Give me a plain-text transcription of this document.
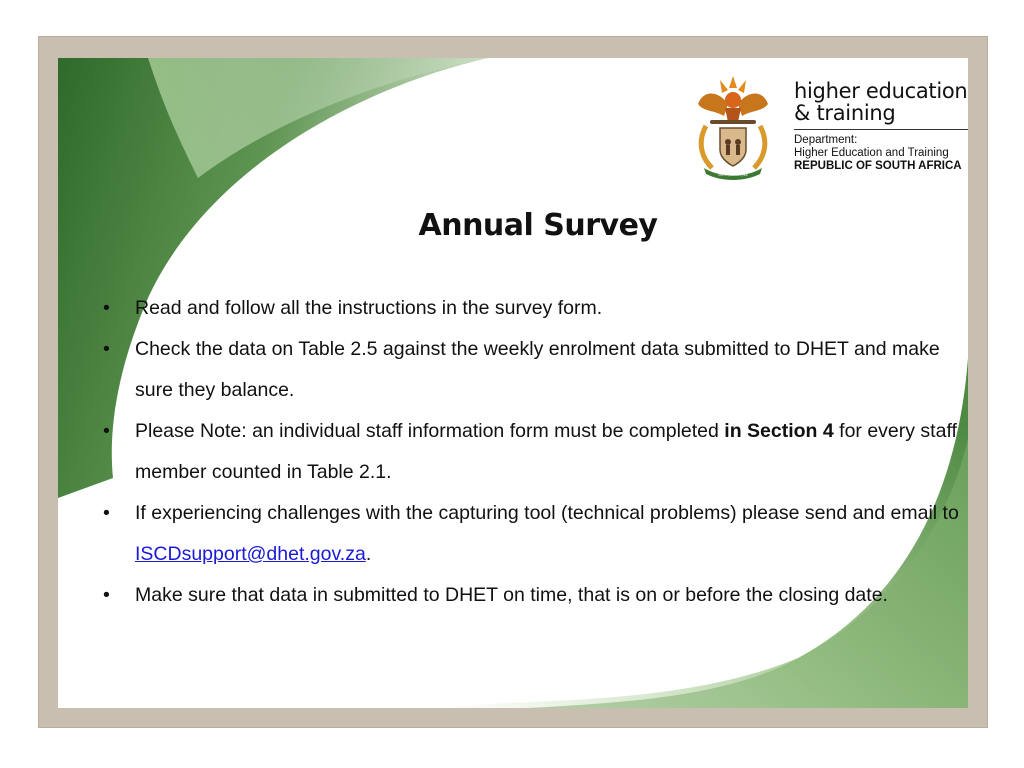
!KE E: /XARRA //KE
higher education
& training
Department:
Higher Education and Training
REPUBLIC OF SOUTH AFRICA
Annual Survey
•	Read and follow all the instructions in the survey form.
•	Check the data on Table 2.5 against the weekly enrolment data submitted to DHET and make sure they balance.
•	Please Note: an individual staff information form must be completed in Section 4 for every staff member counted in Table 2.1.
•	If experiencing challenges with the capturing tool (technical problems) please send and email to ISCDsupport@dhet.gov.za.
•	Make sure that data in submitted to DHET on time, that is on or before the closing date.
